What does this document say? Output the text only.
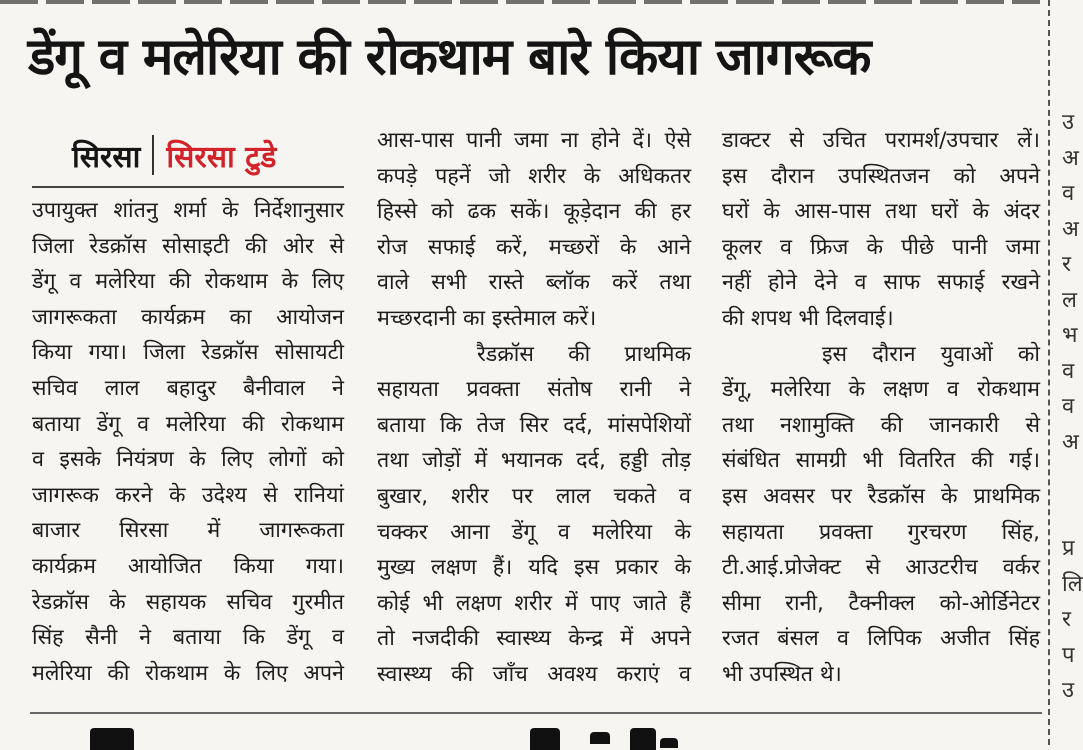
डेंगू व मलेरिया की रोकथाम बारे किया जागरूक
सिरसा सिरसा टुडे
उपायुक्त शांतनु शर्मा के निर्देशानुसार
जिला रेडक्रॉस सोसाइटी की ओर से
डेंगू व मलेरिया की रोकथाम के लिए
जागरूकता कार्यक्रम का आयोजन
किया गया। जिला रेडक्रॉस सोसायटी
सचिव लाल बहादुर बैनीवाल ने
बताया डेंगू व मलेरिया की रोकथाम
व इसके नियंत्रण के लिए लोगों को
जागरूक करने के उदेश्य से रानियां
बाजार सिरसा में जागरूकता
कार्यक्रम आयोजित किया गया।
रेडक्रॉस के सहायक सचिव गुरमीत
सिंह सैनी ने बताया कि डेंगू व
मलेरिया की रोकथाम के लिए अपने
आस-पास पानी जमा ना होने दें। ऐसे
कपड़े पहनें जो शरीर के अधिकतर
हिस्से को ढक सकें। कूड़ेदान की हर
रोज सफाई करें, मच्छरों के आने
वाले सभी रास्ते ब्लॉक करें तथा
मच्छरदानी का इस्तेमाल करें।
रैडक्रॉस की प्राथमिक
सहायता प्रवक्ता संतोष रानी ने
बताया कि तेज सिर दर्द, मांसपेशियों
तथा जोड़ों में भयानक दर्द, हड्डी तोड़
बुखार, शरीर पर लाल चकते व
चक्कर आना डेंगू व मलेरिया के
मुख्य लक्षण हैं। यदि इस प्रकार के
कोई भी लक्षण शरीर में पाए जाते हैं
तो नजदीकी स्वास्थ्य केन्द्र में अपने
स्वास्थ्य की जाँच अवश्य कराएं व
डाक्टर से उचित परामर्श/उपचार लें।
इस दौरान उपस्थितजन को अपने
घरों के आस-पास तथा घरों के अंदर
कूलर व फ्रिज के पीछे पानी जमा
नहीं होने देने व साफ सफाई रखने
की शपथ भी दिलवाई।
इस दौरान युवाओं को
डेंगू, मलेरिया के लक्षण व रोकथाम
तथा नशामुक्ति की जानकारी से
संबंधित सामग्री भी वितरित की गई।
इस अवसर पर रैडक्रॉस के प्राथमिक
सहायता प्रवक्ता गुरचरण सिंह,
टी.आई.प्रोजेक्ट से आउटरीच वर्कर
सीमा रानी, टैक्नीक्ल को-ओर्डिनेटर
रजत बंसल व लिपिक अजीत सिंह
भी उपस्थित थे।
उ
अ
व
अ
र
ल
भ
व
व
अ

प्र
लि
र
प
उ
